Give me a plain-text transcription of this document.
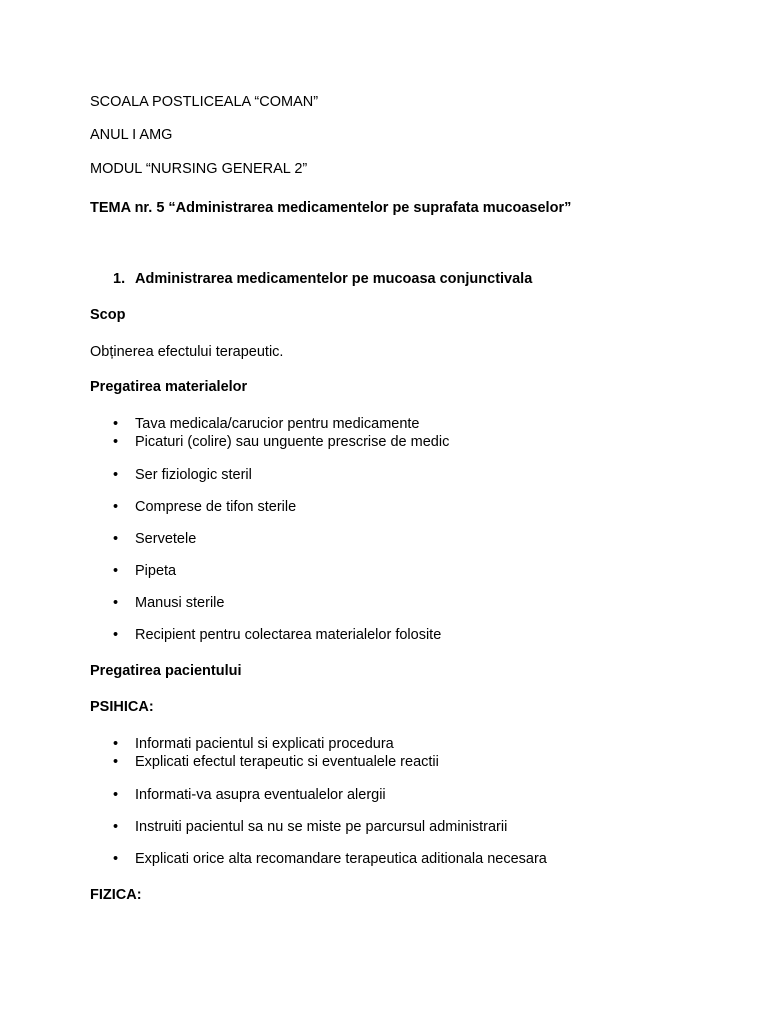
SCOALA POSTLICEALA “COMAN”
ANUL I AMG
MODUL “NURSING GENERAL 2”
TEMA nr. 5 “Administrarea medicamentelor pe suprafata mucoaselor”
1. Administrarea medicamentelor pe mucoasa conjunctivala
Scop
Obținerea efectului terapeutic.
Pregatirea materialelor
• Tava medicala/carucior pentru medicamente
• Picaturi (colire) sau unguente prescrise de medic
• Ser fiziologic steril
• Comprese de tifon sterile
• Servetele
• Pipeta
• Manusi sterile
• Recipient pentru colectarea materialelor folosite
Pregatirea pacientului
PSIHICA:
• Informati pacientul si explicati procedura
• Explicati efectul terapeutic si eventualele reactii
• Informati-va asupra eventualelor alergii
• Instruiti pacientul sa nu se miste pe parcursul administrarii
• Explicati orice alta recomandare terapeutica aditionala necesara
FIZICA:
